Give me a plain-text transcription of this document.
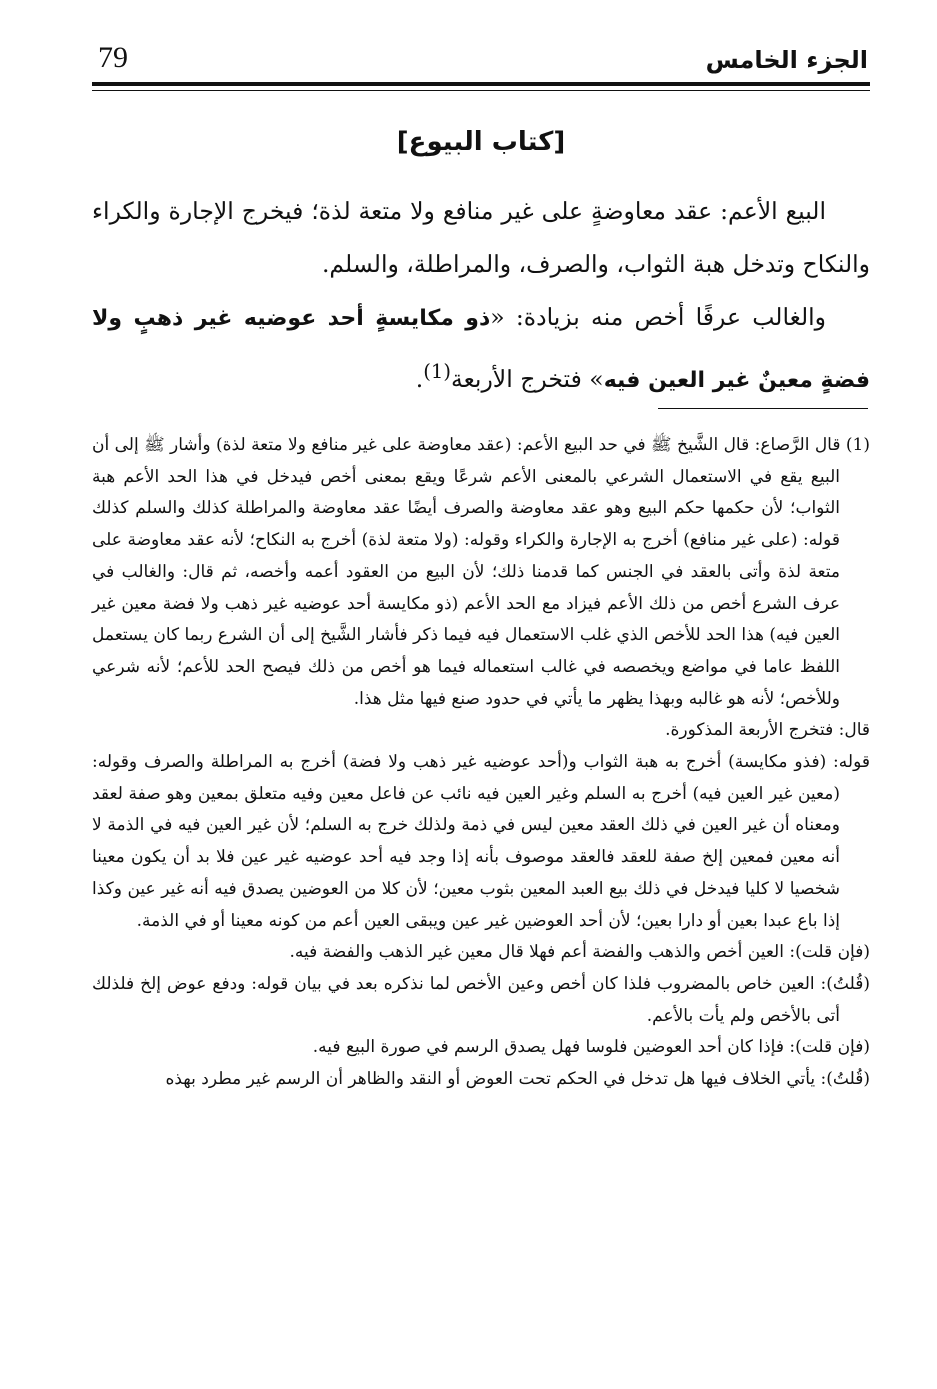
79	الجزء الخامس
[كتاب البيوع]

البيع الأعم: عقد معاوضةٍ على غير منافع ولا متعة لذة؛ فيخرج الإجارة والكراء والنكاح وتدخل هبة الثواب، والصرف، والمراطلة، والسلم.

والغالب عرفًا أخص منه بزيادة: «ذو مكايسةٍ أحد عوضيه غير ذهبٍ ولا فضةٍ معينٌ غير العين فيه» فتخرج الأربعة$^{(1)}$.

(1) قال الرَّصاع: قال الشَّيخ ﷺ في حد البيع الأعم: (عقد معاوضة على غير منافع ولا متعة لذة) وأشار ﷺ إلى أن البيع يقع في الاستعمال الشرعي بالمعنى الأعم شرعًا ويقع بمعنى أخص فيدخل في هذا الحد الأعم هبة الثواب؛ لأن حكمها حكم البيع وهو عقد معاوضة والصرف أيضًا عقد معاوضة والمراطلة كذلك والسلم كذلك قوله: (على غير منافع) أخرج به الإجارة والكراء وقوله: (ولا متعة لذة) أخرج به النكاح؛ لأنه عقد معاوضة على متعة لذة وأتى بالعقد في الجنس كما قدمنا ذلك؛ لأن البيع من العقود أعمه وأخصه، ثم قال: والغالب في عرف الشرع أخص من ذلك الأعم فيزاد مع الحد الأعم (ذو مكايسة أحد عوضيه غير ذهب ولا فضة معين غير العين فيه) هذا الحد للأخص الذي غلب الاستعمال فيه فيما ذكر فأشار الشَّيخ إلى أن الشرع ربما كان يستعمل اللفظ عاما في مواضع ويخصصه في غالب استعماله فيما هو أخص من ذلك فيصح الحد للأعم؛ لأنه شرعي وللأخص؛ لأنه هو غالبه وبهذا يظهر ما يأتي في حدود صنع فيها مثل هذا.

قال: فتخرج الأربعة المذكورة.

قوله: (فذو مكايسة) أخرج به هبة الثواب و(أحد عوضيه غير ذهب ولا فضة) أخرج به المراطلة والصرف وقوله: (معين غير العين فيه) أخرج به السلم وغير العين فيه نائب عن فاعل معين وفيه متعلق بمعين وهو صفة لعقد ومعناه أن غير العين في ذلك العقد معين ليس في ذمة ولذلك خرج به السلم؛ لأن غير العين فيه في الذمة لا أنه معين فمعين إلخ صفة للعقد فالعقد موصوف بأنه إذا وجد فيه أحد عوضيه غير عين فلا بد أن يكون معينا شخصيا لا كليا فيدخل في ذلك بيع العبد المعين بثوب معين؛ لأن كلا من العوضين يصدق فيه أنه غير عين وكذا إذا باع عبدا بعين أو دارا بعين؛ لأن أحد العوضين غير عين ويبقى العين أعم من كونه معينا أو في الذمة.

(فإن قلت): العين أخص والذهب والفضة أعم فهلا قال معين غير الذهب والفضة فيه.

(قُلتُ): العين خاص بالمضروب فلذا كان أخص وعين الأخص لما نذكره بعد في بيان قوله: ودفع عوض إلخ فلذلك أتى بالأخص ولم يأت بالأعم.

(فإن قلت): فإذا كان أحد العوضين فلوسا فهل يصدق الرسم في صورة البيع فيه.

(قُلتُ): يأتي الخلاف فيها هل تدخل في الحكم تحت العوض أو النقد والظاهر أن الرسم غير مطرد بهذه
